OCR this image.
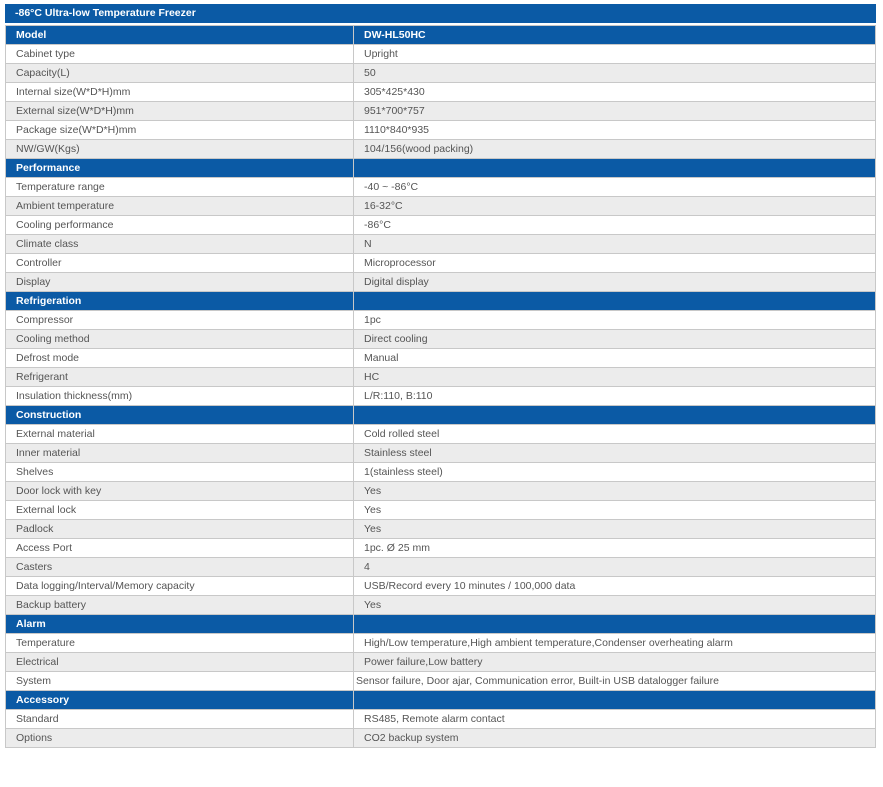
-86°C Ultra-low Temperature Freezer
Model	DW-HL50HC
Cabinet type	Upright
Capacity(L)	50
Internal size(W*D*H)mm	305*425*430
External size(W*D*H)mm	951*700*757
Package size(W*D*H)mm	1110*840*935
NW/GW(Kgs)	104/156(wood packing)
Performance	
Temperature range	-40 ~ -86°C
Ambient temperature	16-32°C
Cooling performance	-86°C
Climate class	N
Controller	Microprocessor
Display	Digital display
Refrigeration	
Compressor	1pc
Cooling method	Direct cooling
Defrost mode	Manual
Refrigerant	HC
Insulation thickness(mm)	L/R:110, B:110
Construction	
External material	Cold rolled steel
Inner material	Stainless steel
Shelves	1(stainless steel)
Door lock with key	Yes
External lock	Yes
Padlock	Yes
Access Port	1pc. Ø 25 mm
Casters	4
Data logging/Interval/Memory capacity	USB/Record every 10 minutes / 100,000 data
Backup battery	Yes
Alarm	
Temperature	High/Low temperature,High ambient temperature,Condenser overheating alarm
Electrical	Power failure,Low battery
System	Sensor failure, Door ajar, Communication error, Built-in USB datalogger failure
Accessory	
Standard	RS485, Remote alarm contact
Options	CO2 backup system
